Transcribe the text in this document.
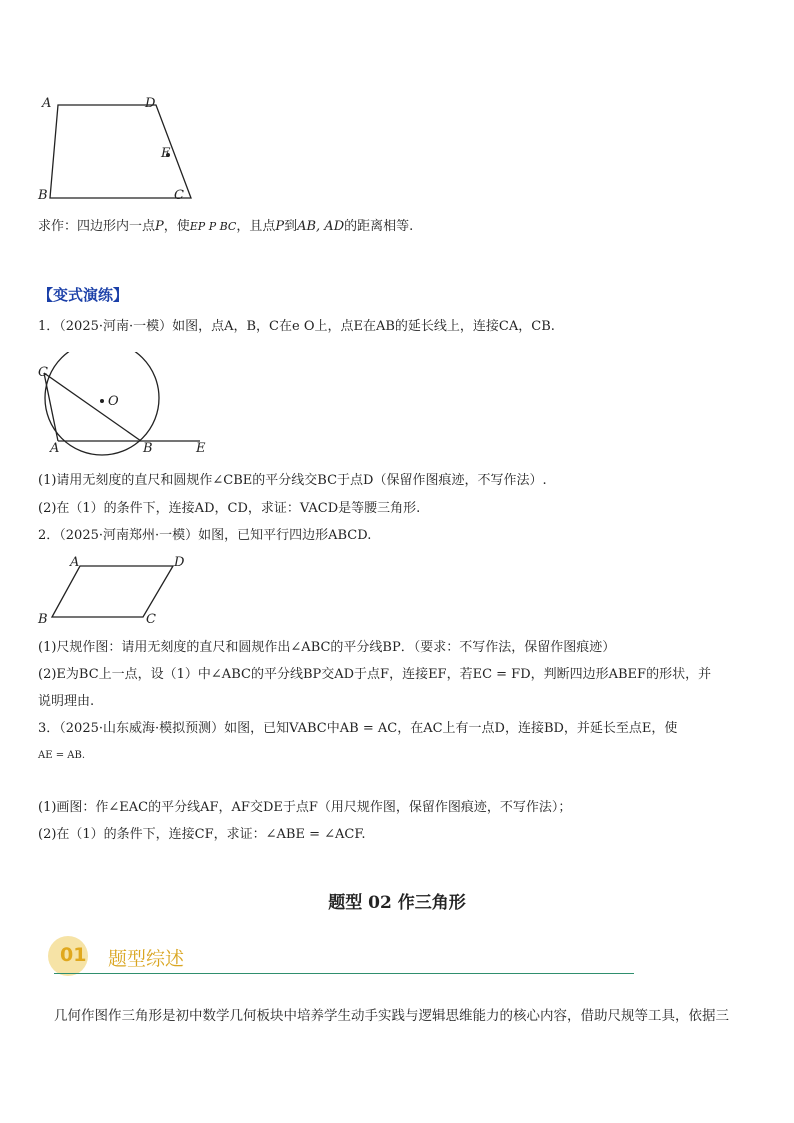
A	D
E
B	C
求作：四边形内一点P，使EP P BC，且点P到AB, AD的距离相等.
【变式演练】
1．（2025·河南·一模）如图，点A，B，C在e O上，点E在AB的延长线上，连接CA，CB.
C
O
A	B	E
(1)请用无刻度的直尺和圆规作∠CBE的平分线交BC于点D（保留作图痕迹，不写作法）.
(2)在（1）的条件下，连接AD，CD，求证：VACD是等腰三角形.
2．（2025·河南郑州·一模）如图，已知平行四边形ABCD.
A	D
B	C
(1)尺规作图：请用无刻度的直尺和圆规作出∠ABC的平分线BP．（要求：不写作法，保留作图痕迹）
(2)E为BC上一点，设（1）中∠ABC的平分线BP交AD于点F，连接EF，若EC = FD，判断四边形ABEF的形状，并
说明理由.
3．（2025·山东威海·模拟预测）如图，已知VABC中AB = AC，在AC上有一点D，连接BD，并延长至点E，使
AE = AB.
(1)画图：作∠EAC的平分线AF，AF交DE于点F（用尺规作图，保留作图痕迹，不写作法）；
(2)在（1）的条件下，连接CF，求证：∠ABE = ∠ACF.
题型 02 作三角形
01 题型综述
几何作图作三角形是初中数学几何板块中培养学生动手实践与逻辑思维能力的核心内容，借助尺规等工具，依据三
